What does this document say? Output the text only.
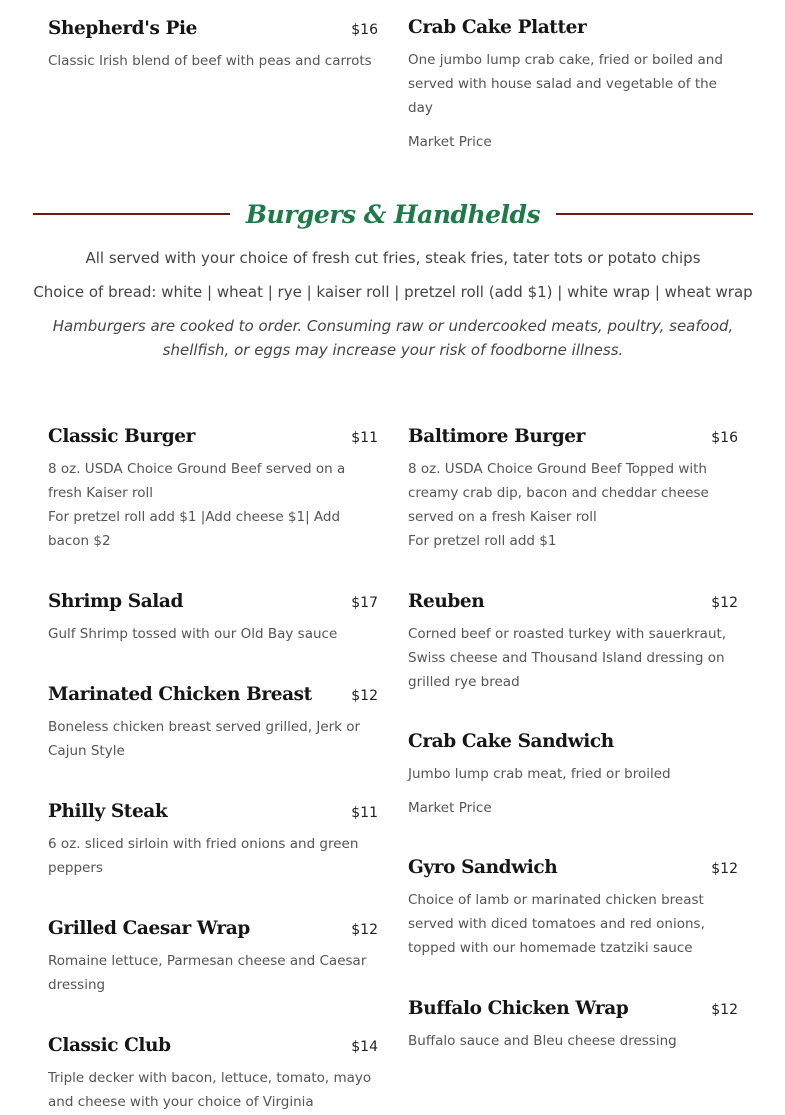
Shepherd's Pie	$16
Classic Irish blend of beef with peas and carrots
Crab Cake Platter
One jumbo lump crab cake, fried or boiled and served with house salad and vegetable of the day
Market Price
Burgers & Handhelds
All served with your choice of fresh cut fries, steak fries, tater tots or potato chips
Choice of bread: white | wheat | rye | kaiser roll | pretzel roll (add $1) | white wrap | wheat wrap
Hamburgers are cooked to order. Consuming raw or undercooked meats, poultry, seafood, shellfish, or eggs may increase your risk of foodborne illness.
Classic Burger	$11
8 oz. USDA Choice Ground Beef served on a fresh Kaiser roll
For pretzel roll add $1 |Add cheese $1| Add bacon $2
Shrimp Salad	$17
Gulf Shrimp tossed with our Old Bay sauce
Marinated Chicken Breast	$12
Boneless chicken breast served grilled, Jerk or Cajun Style
Philly Steak	$11
6 oz. sliced sirloin with fried onions and green peppers
Grilled Caesar Wrap	$12
Romaine lettuce, Parmesan cheese and Caesar dressing
Classic Club	$14
Triple decker with bacon, lettuce, tomato, mayo and cheese with your choice of Virginia
Baltimore Burger	$16
8 oz. USDA Choice Ground Beef Topped with creamy crab dip, bacon and cheddar cheese served on a fresh Kaiser roll
For pretzel roll add $1
Reuben	$12
Corned beef or roasted turkey with sauerkraut, Swiss cheese and Thousand Island dressing on grilled rye bread
Crab Cake Sandwich
Jumbo lump crab meat, fried or broiled
Market Price
Gyro Sandwich	$12
Choice of lamb or marinated chicken breast served with diced tomatoes and red onions, topped with our homemade tzatziki sauce
Buffalo Chicken Wrap	$12
Buffalo sauce and Bleu cheese dressing
